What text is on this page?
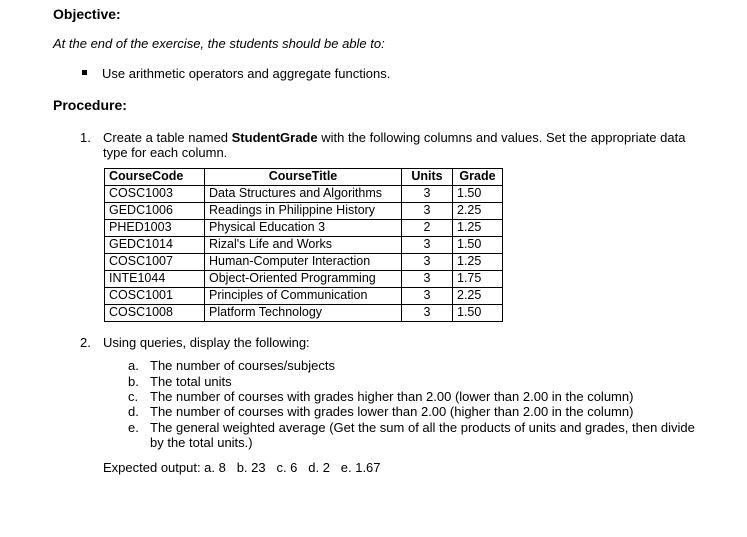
Objective:
At the end of the exercise, the students should be able to:
Use arithmetic operators and aggregate functions.
Procedure:
1. Create a table named StudentGrade with the following columns and values. Set the appropriate data
type for each column.
CourseCode	CourseTitle	Units	Grade
COSC1003	Data Structures and Algorithms	3	1.50
GEDC1006	Readings in Philippine History	3	2.25
PHED1003	Physical Education 3	2	1.25
GEDC1014	Rizal's Life and Works	3	1.50
COSC1007	Human-Computer Interaction	3	1.25
INTE1044	Object-Oriented Programming	3	1.75
COSC1001	Principles of Communication	3	2.25
COSC1008	Platform Technology	3	1.50
2. Using queries, display the following:
a. The number of courses/subjects
b. The total units
c. The number of courses with grades higher than 2.00 (lower than 2.00 in the column)
d. The number of courses with grades lower than 2.00 (higher than 2.00 in the column)
e. The general weighted average (Get the sum of all the products of units and grades, then divide
by the total units.)
Expected output: a. 8   b. 23   c. 6   d. 2   e. 1.67
